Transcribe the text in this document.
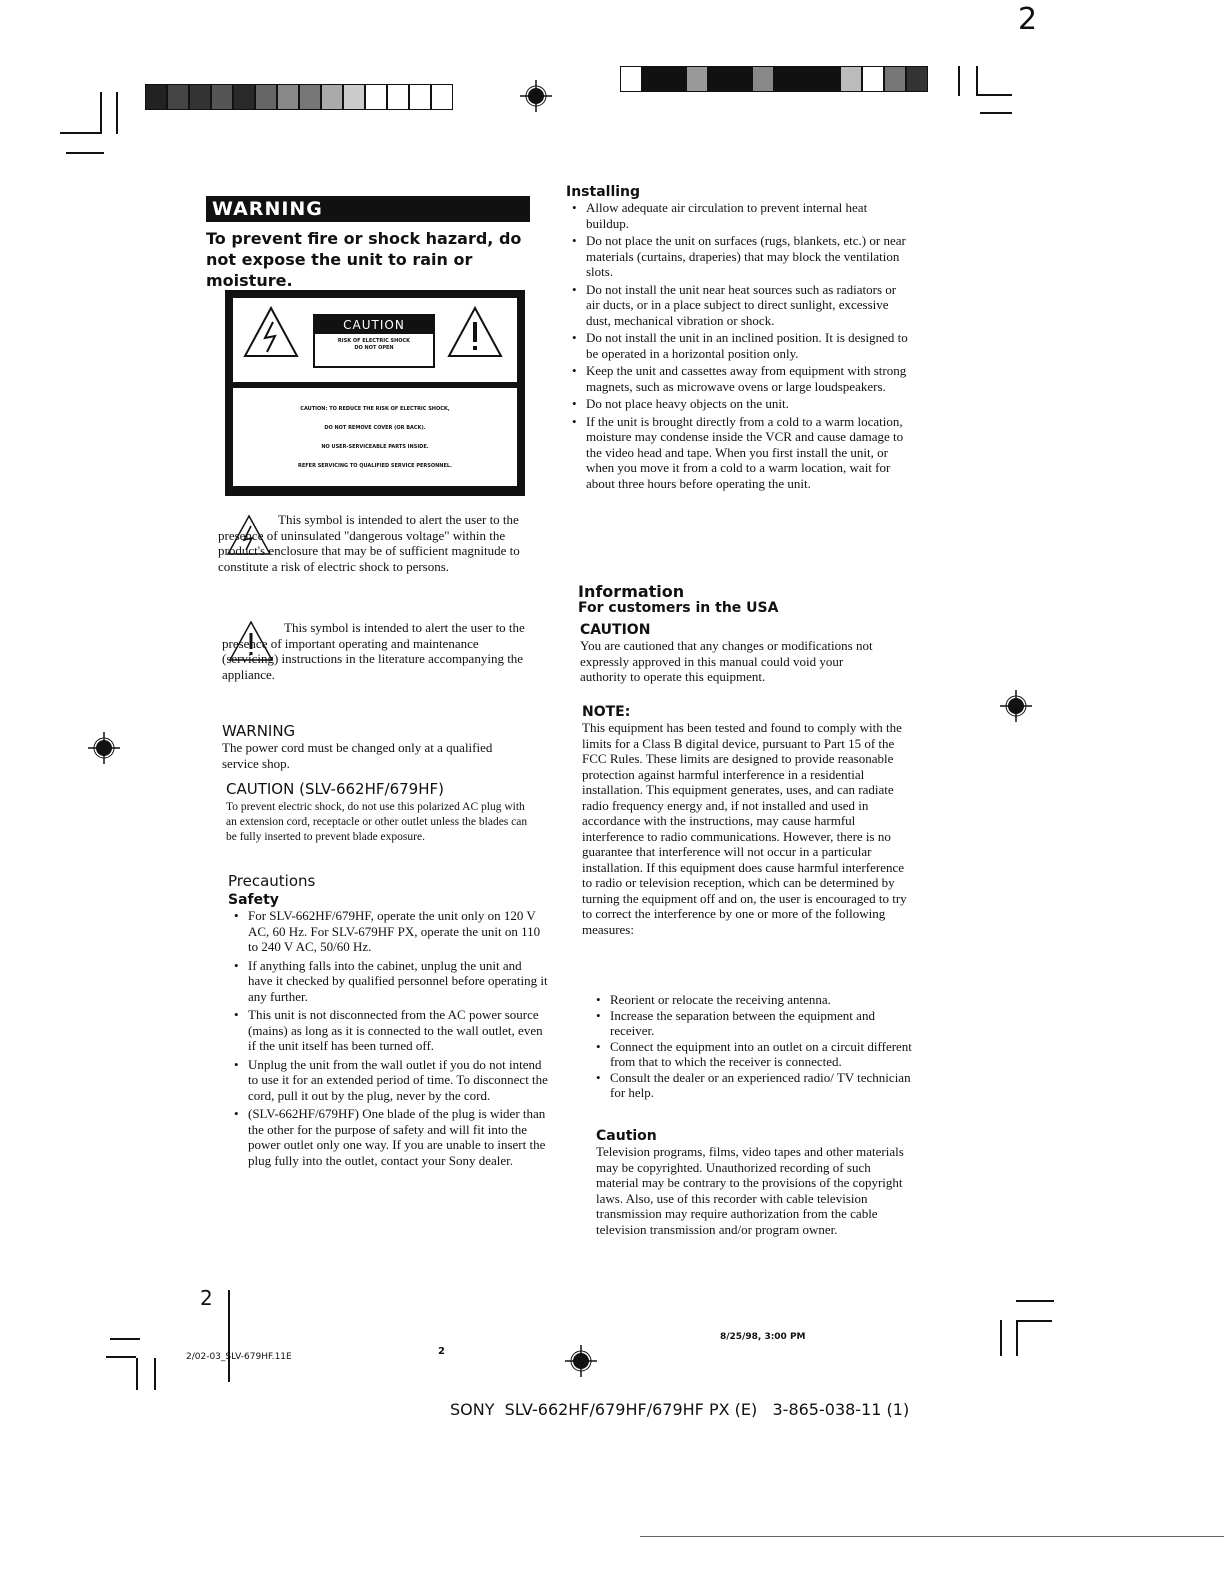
2
WARNING
To prevent fire or shock hazard, do not expose the unit to rain or moisture.
CAUTION
RISK OF ELECTRIC SHOCK
DO NOT OPEN
CAUTION: TO REDUCE THE RISK OF ELECTRIC SHOCK,
DO NOT REMOVE COVER (OR BACK).
NO USER-SERVICEABLE PARTS INSIDE.
REFER SERVICING TO QUALIFIED SERVICE PERSONNEL.
This symbol is intended to alert the user to the presence of uninsulated "dangerous voltage" within the product's enclosure that may be of sufficient magnitude to constitute a risk of electric shock to persons.
This symbol is intended to alert the user to the presence of important operating and maintenance (servicing) instructions in the literature accompanying the appliance.
WARNING
The power cord must be changed only at a qualified service shop.
CAUTION (SLV-662HF/679HF)
To prevent electric shock, do not use this polarized AC plug with an extension cord, receptacle or other outlet unless the blades can be fully inserted to prevent blade exposure.
Precautions
Safety
• For SLV-662HF/679HF, operate the unit only on 120 V AC, 60 Hz. For SLV-679HF PX, operate the unit on 110 to 240 V AC, 50/60 Hz.
• If anything falls into the cabinet, unplug the unit and have it checked by qualified personnel before operating it any further.
• This unit is not disconnected from the AC power source (mains) as long as it is connected to the wall outlet, even if the unit itself has been turned off.
• Unplug the unit from the wall outlet if you do not intend to use it for an extended period of time. To disconnect the cord, pull it out by the plug, never by the cord.
• (SLV-662HF/679HF) One blade of the plug is wider than the other for the purpose of safety and will fit into the power outlet only one way. If you are unable to insert the plug fully into the outlet, contact your Sony dealer.
Installing
• Allow adequate air circulation to prevent internal heat buildup.
• Do not place the unit on surfaces (rugs, blankets, etc.) or near materials (curtains, draperies) that may block the ventilation slots.
• Do not install the unit near heat sources such as radiators or air ducts, or in a place subject to direct sunlight, excessive dust, mechanical vibration or shock.
• Do not install the unit in an inclined position. It is designed to be operated in a horizontal position only.
• Keep the unit and cassettes away from equipment with strong magnets, such as microwave ovens or large loudspeakers.
• Do not place heavy objects on the unit.
• If the unit is brought directly from a cold to a warm location, moisture may condense inside the VCR and cause damage to the video head and tape. When you first install the unit, or when you move it from a cold to a warm location, wait for about three hours before operating the unit.
Information
For customers in the USA
CAUTION
You are cautioned that any changes or modifications not expressly approved in this manual could void your authority to operate this equipment.
NOTE:
This equipment has been tested and found to comply with the limits for a Class B digital device, pursuant to Part 15 of the FCC Rules. These limits are designed to provide reasonable protection against harmful interference in a residential installation. This equipment generates, uses, and can radiate radio frequency energy and, if not installed and used in accordance with the instructions, may cause harmful interference to radio communications. However, there is no guarantee that interference will not occur in a particular installation. If this equipment does cause harmful interference to radio or television reception, which can be determined by turning the equipment off and on, the user is encouraged to try to correct the interference by one or more of the following measures:
• Reorient or relocate the receiving antenna.
• Increase the separation between the equipment and receiver.
• Connect the equipment into an outlet on a circuit different from that to which the receiver is connected.
• Consult the dealer or an experienced radio/ TV technician for help.
Caution
Television programs, films, video tapes and other materials may be copyrighted. Unauthorized recording of such material may be contrary to the provisions of the copyright laws. Also, use of this recorder with cable television transmission may require authorization from the cable television transmission and/or program owner.
2
2/02-03_SLV-679HF.11E	2
8/25/98, 3:00 PM
SONY  SLV-662HF/679HF/679HF PX (E)   3-865-038-11 (1)
